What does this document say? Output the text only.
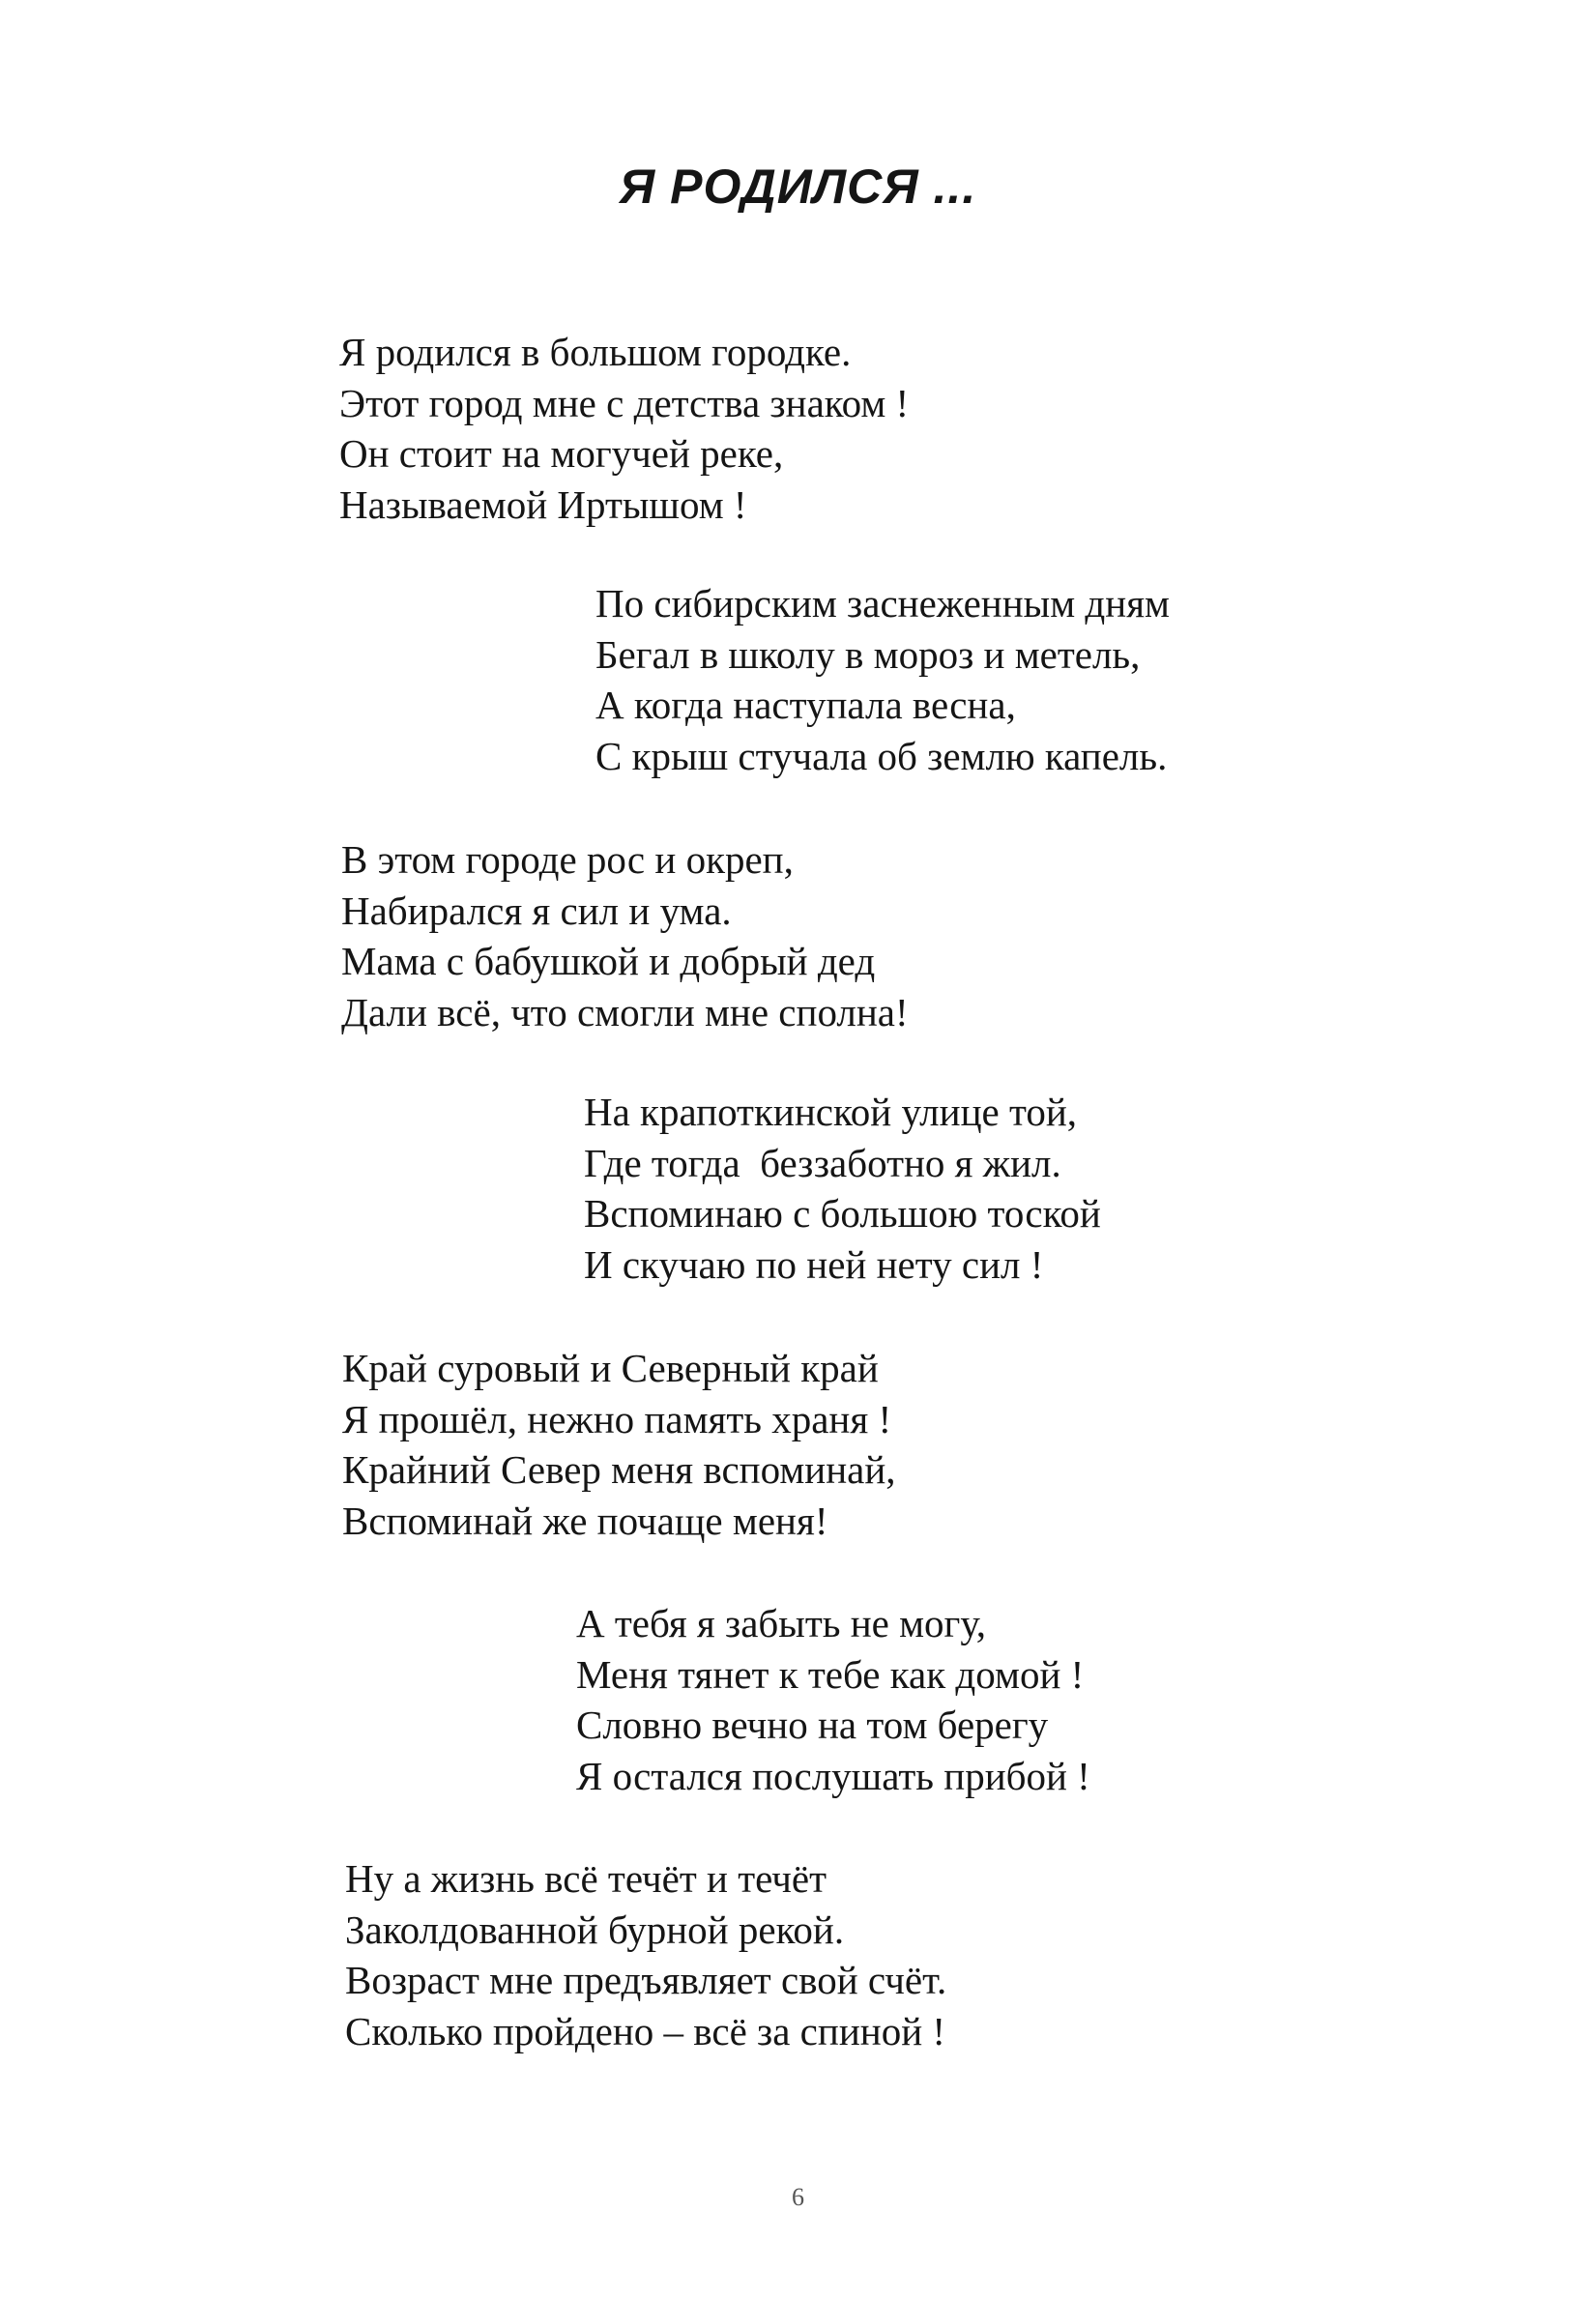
Я РОДИЛСЯ ...
Я родился в большом городке.
Этот город мне с детства знаком !
Он стоит на могучей реке,
Называемой Иртышом !
По сибирским заснеженным дням
Бегал в школу в мороз и метель,
А когда наступала весна,
С крыш стучала об землю капель.
В этом городе рос и окреп,
Набирался я сил и ума.
Мама с бабушкой и добрый дед
Дали всё, что смогли мне сполна!
На крапоткинской улице той,
Где тогда  беззаботно я жил.
Вспоминаю с большою тоской
И скучаю по ней нету сил !
Край суровый и Северный край
Я прошёл, нежно память храня !
Крайний Север меня вспоминай,
Вспоминай же почаще меня!
А тебя я забыть не могу,
Меня тянет к тебе как домой !
Словно вечно на том берегу
Я остался послушать прибой !
Ну а жизнь всё течёт и течёт
Заколдованной бурной рекой.
Возраст мне предъявляет свой счёт.
Сколько пройдено – всё за спиной !

6
